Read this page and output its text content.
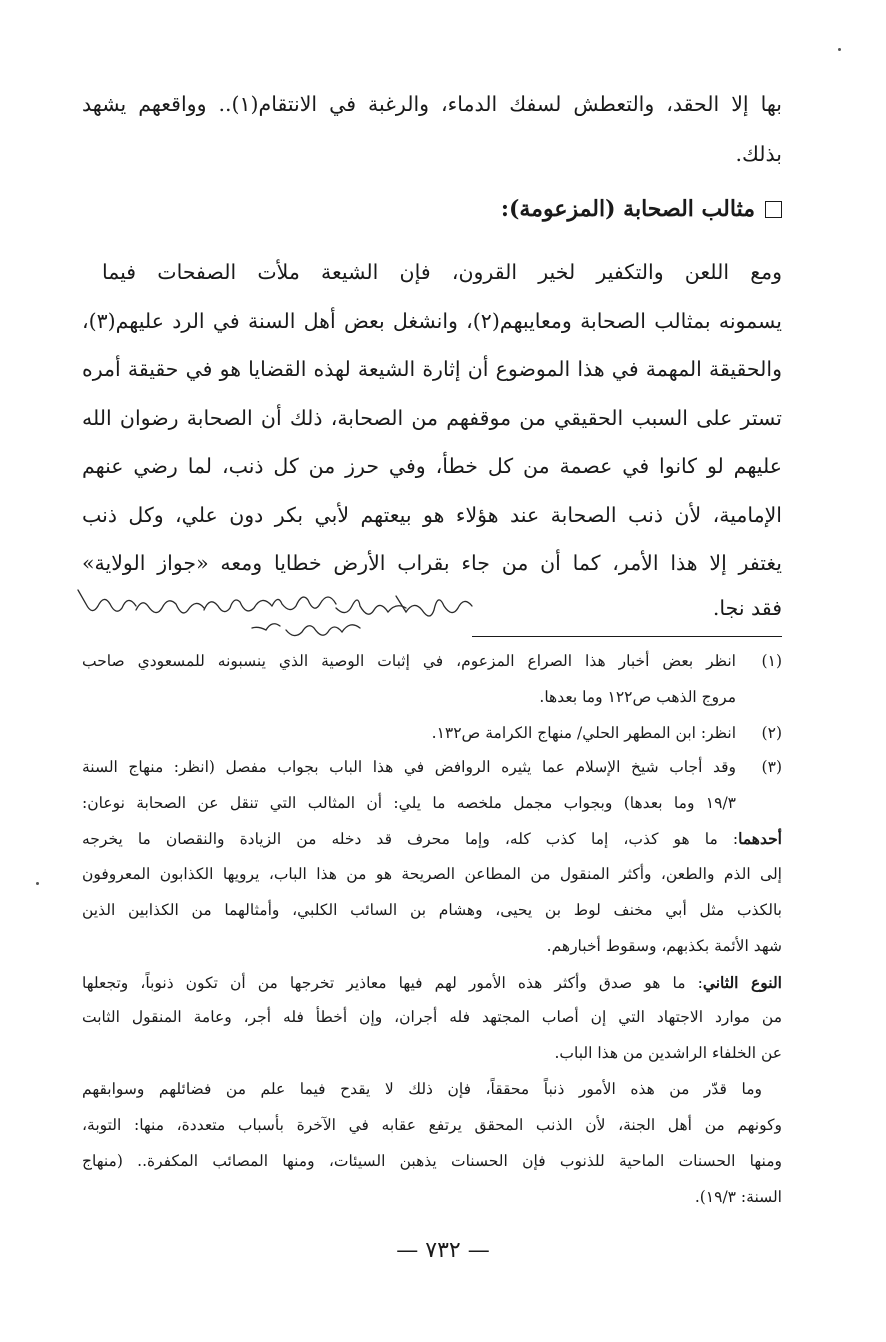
بها إلا الحقد، والتعطش لسفك الدماء، والرغبة في الانتقام(١).. وواقعهم يشهد
بذلك.
مثالب الصحابة (المزعومة):
ومع اللعن والتكفير لخير القرون، فإن الشيعة ملأت الصفحات فيما
يسمونه بمثالب الصحابة ومعايبهم(٢)، وانشغل بعض أهل السنة في الرد عليهم(٣)،
والحقيقة المهمة في هذا الموضوع أن إثارة الشيعة لهذه القضايا هو في حقيقة أمره
تستر على السبب الحقيقي من موقفهم من الصحابة، ذلك أن الصحابة رضوان الله
عليهم لو كانوا في عصمة من كل خطأ، وفي حرز من كل ذنب، لما رضي عنهم
الإمامية، لأن ذنب الصحابة عند هؤلاء هو بيعتهم لأبي بكر دون علي، وكل ذنب
يغتفر إلا هذا الأمر، كما أن من جاء بقراب الأرض خطايا ومعه «جواز الولاية»
فقد نجا.
(١)
انظر بعض أخبار هذا الصراع المزعوم، في إثبات الوصية الذي ينسبونه للمسعودي صاحب
مروج الذهب ص١٢٢ وما بعدها.
(٢)
انظر: ابن المطهر الحلي/ منهاج الكرامة ص١٣٢.
(٣)
وقد أجاب شيخ الإسلام عما يثيره الروافض في هذا الباب بجواب مفصل (انظر: منهاج السنة
١٩/٣ وما بعدها) وبجواب مجمل ملخصه ما يلي: أن المثالب التي تنقل عن الصحابة نوعان:
أحدهما: ما هو كذب، إما كذب كله، وإما محرف قد دخله من الزيادة والنقصان ما يخرجه
إلى الذم والطعن، وأكثر المنقول من المطاعن الصريحة هو من هذا الباب، يرويها الكذابون المعروفون
بالكذب مثل أبي مخنف لوط بن يحيى، وهشام بن السائب الكلبي، وأمثالهما من الكذابين الذين
شهد الأئمة بكذبهم، وسقوط أخبارهم.
النوع الثاني: ما هو صدق وأكثر هذه الأمور لهم فيها معاذير تخرجها من أن تكون ذنوباً، وتجعلها
من موارد الاجتهاد التي إن أصاب المجتهد فله أجران، وإن أخطأ فله أجر، وعامة المنقول الثابت
عن الخلفاء الراشدين من هذا الباب.
وما قدّر من هذه الأمور ذنباً محققاً، فإن ذلك لا يقدح فيما علم من فضائلهم وسوابقهم
وكونهم من أهل الجنة، لأن الذنب المحقق يرتفع عقابه في الآخرة بأسباب متعددة، منها: التوبة،
ومنها الحسنات الماحية للذنوب فإن الحسنات يذهبن السيئات، ومنها المصائب المكفرة.. (منهاج
السنة: ١٩/٣).
— ٧٣٢ —
